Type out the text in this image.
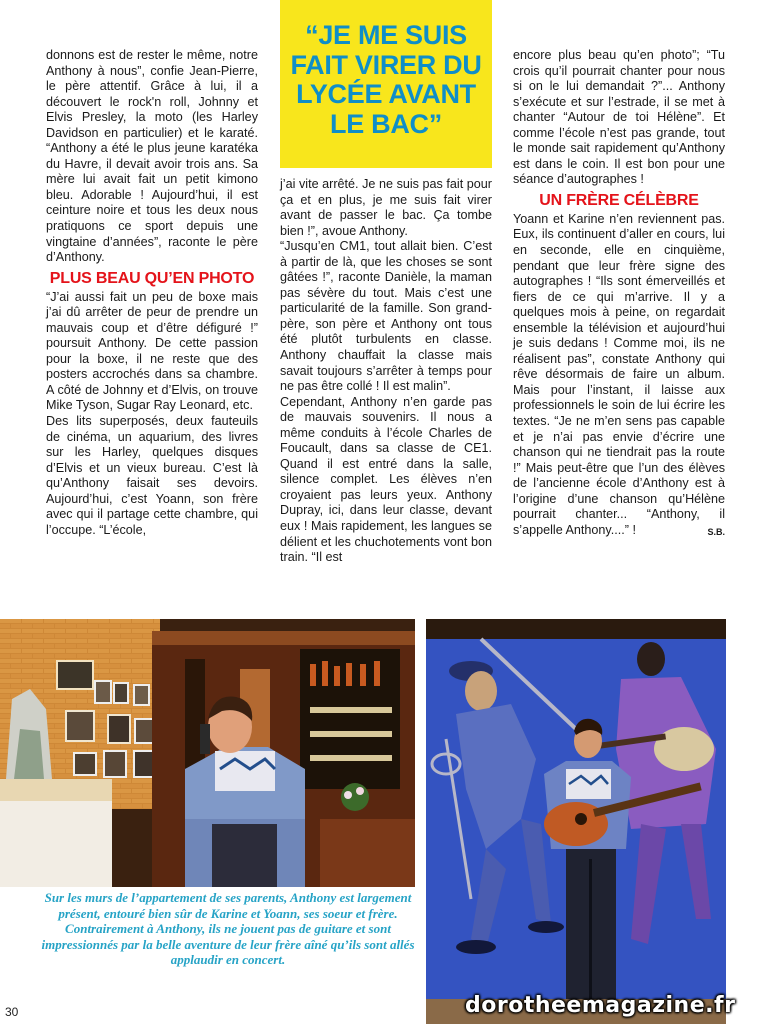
donnons est de rester le même, notre Anthony à nous”, confie Jean-Pierre, le père attentif. Grâce à lui, il a découvert le rock'n roll, Johnny et Elvis Presley, la moto (les Harley Davidson en particulier) et le karaté. “Anthony a été le plus jeune karatéka du Havre, il devait avoir trois ans. Sa mère lui avait fait un petit kimono bleu. Adorable ! Aujourd’hui, il est ceinture noire et tous les deux nous pratiquons ce sport depuis une vingtaine d’années”, raconte le père d’Anthony.

PLUS BEAU QU’EN PHOTO

“J’ai aussi fait un peu de boxe mais j’ai dû arrêter de peur de prendre un mauvais coup et d’être défiguré !” poursuit Anthony. De cette passion pour la boxe, il ne reste que des posters accrochés dans sa chambre. A côté de Johnny et d’Elvis, on trouve Mike Tyson, Sugar Ray Leonard, etc.

Des lits superposés, deux fauteuils de cinéma, un aquarium, des livres sur les Harley, quelques disques d’Elvis et un vieux bureau. C’est là qu’Anthony faisait ses devoirs. Aujourd’hui, c’est Yoann, son frère avec qui il partage cette chambre, qui l’occupe. “L’école,

“JE ME SUIS FAIT VIRER DU LYCÉE AVANT LE BAC”

j’ai vite arrêté. Je ne suis pas fait pour ça et en plus, je me suis fait virer avant de passer le bac. Ça tombe bien !”, avoue Anthony.

“Jusqu’en CM1, tout allait bien. C’est à partir de là, que les choses se sont gâtées !”, raconte Danièle, la maman pas sévère du tout. Mais c’est une particularité de la famille. Son grand-père, son père et Anthony ont tous été plutôt turbulents en classe. Anthony chauffait la classe mais savait toujours s’arrêter à temps pour ne pas être collé ! Il est malin”.

Cependant, Anthony n’en garde pas de mauvais souvenirs. Il nous a même conduits à l’école Charles de Foucault, dans sa classe de CE1. Quand il est entré dans la salle, silence complet. Les élèves n’en croyaient pas leurs yeux. Anthony Dupray, ici, dans leur classe, devant eux ! Mais rapidement, les langues se délient et les chuchotements vont bon train. “Il est

encore plus beau qu’en photo”; “Tu crois qu’il pourrait chanter pour nous si on le lui demandait ?”... Anthony s’exécute et sur l’estrade, il se met à chanter “Autour de toi Hélène”. Et comme l’école n’est pas grande, tout le monde sait rapidement qu’Anthony est dans le coin. Il est bon pour une séance d’autographes !

UN FRÈRE CÉLÈBRE

Yoann et Karine n’en reviennent pas. Eux, ils continuent d’aller en cours, lui en seconde, elle en cinquième, pendant que leur frère signe des autographes ! “Ils sont émerveillés et fiers de ce qui m’arrive. Il y a quelques mois à peine, on regardait ensemble la télévision et aujourd’hui je suis dedans ! Comme moi, ils ne réalisent pas”, constate Anthony qui rêve désormais de faire un album. Mais pour l’instant, il laisse aux professionnels le soin de lui écrire les textes. “Je ne m’en sens pas capable et je n’ai pas envie d’écrire une chanson qui ne tiendrait pas la route !” Mais peut-être que l’un des élèves de l’ancienne école d’Anthony est à l’origine d’une chanson qu’Hélène pourrait chanter... “Anthony, il s’appelle Anthony....” !	S.B.

Sur les murs de l’appartement de ses parents, Anthony est largement présent, entouré bien sûr de Karine et Yoann, ses soeur et frère. Contrairement à Anthony, ils ne jouent pas de guitare et sont impressionnés par la belle aventure de leur frère aîné qu’ils sont allés applaudir en concert.
30	dorotheemagazine.fr
